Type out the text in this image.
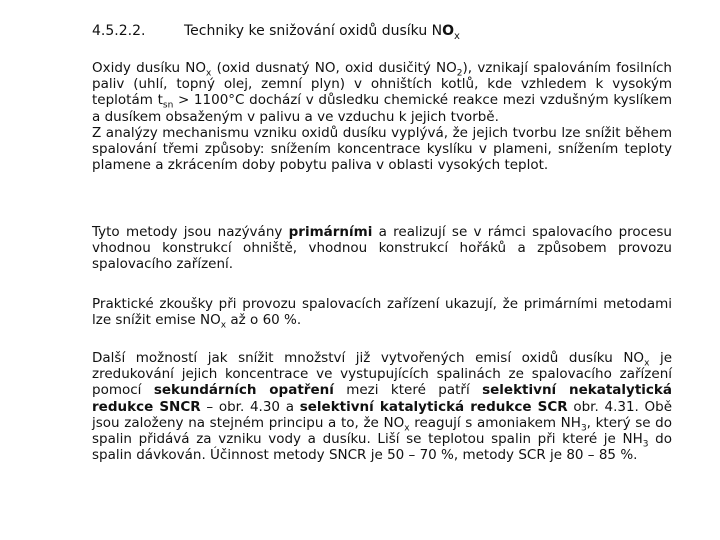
4.5.2.2.	Techniky ke snižování oxidů dusíku $NO_x$

Oxidy dusíku $NO_x$ (oxid dusnatý NO, oxid dusičitý $NO_2$), vznikají spalováním fosilních paliv (uhlí, topný olej, zemní plyn) v ohništích kotlů, kde vzhledem k vysokým teplotám $t_{sn} > 1100^\circ C$ dochází v důsledku chemické reakce mezi vzdušným kyslíkem a dusíkem obsaženým v palivu a ve vzduchu k jejich tvorbě.

Z analýzy mechanismu vzniku oxidů dusíku vyplývá, že jejich tvorbu lze snížit během spalování třemi způsoby: snížením koncentrace kyslíku v plameni, snížením teploty plamene a zkrácením doby pobytu paliva v oblasti vysokých teplot.

Tyto metody jsou nazývány primárními a realizují se v rámci spalovacího procesu vhodnou konstrukcí ohniště, vhodnou konstrukcí hořáků a způsobem provozu spalovacího zařízení.

Praktické zkoušky při provozu spalovacích zařízení ukazují, že primárními metodami lze snížit emise $NO_x$ až o 60 %.

Další možností jak snížit množství již vytvořených emisí oxidů dusíku $NO_x$ je zredukování jejich koncentrace ve vystupujících spalinách ze spalovacího zařízení pomocí sekundárních opatření mezi které patří selektivní nekatalytická redukce SNCR – obr. 4.30 a selektivní katalytická redukce SCR obr. 4.31. Obě jsou založeny na stejném principu a to, že $NO_x$ reagují s amoniakem $NH_3$, který se do spalin přidává za vzniku vody a dusíku. Liší se teplotou spalin při které je $NH_3$ do spalin dávkován. Účinnost metody SNCR je 50 – 70 %, metody SCR je 80 – 85 %.
